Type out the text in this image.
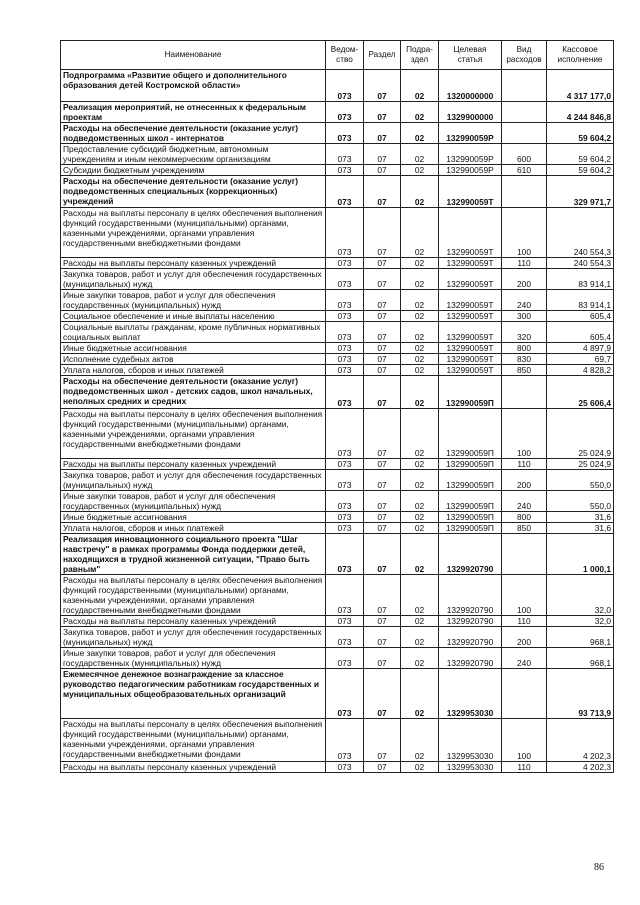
Наименование	Ведом-ство	Раздел	Подра-здел	Целевая статья	Вид расходов	Кассовое исполнение
Подпрограмма «Развитие общего и дополнительного образования детей Костромской области»	073	07	02	1320000000		4 317 177,0
Реализация мероприятий, не отнесенных к федеральным проектам	073	07	02	1329900000		4 244 846,8
Расходы на обеспечение деятельности (оказание услуг) подведомственных школ - интернатов	073	07	02	132990059Р		59 604,2
Предоставление субсидий бюджетным, автономным учреждениям и иным некоммерческим организациям	073	07	02	132990059Р	600	59 604,2
Субсидии бюджетным учреждениям	073	07	02	132990059Р	610	59 604,2
Расходы на обеспечение деятельности (оказание услуг) подведомственных специальных (коррекционных) учреждений	073	07	02	132990059Т		329 971,7
Расходы на выплаты персоналу в целях обеспечения выполнения функций государственными (муниципальными) органами, казенными учреждениями, органами управления государственными внебюджетными фондами	073	07	02	132990059Т	100	240 554,3
Расходы на выплаты персоналу казенных учреждений	073	07	02	132990059Т	110	240 554,3
Закупка товаров, работ и услуг для обеспечения государственных (муниципальных) нужд	073	07	02	132990059Т	200	83 914,1
Иные закупки товаров, работ и услуг для обеспечения государственных (муниципальных) нужд	073	07	02	132990059Т	240	83 914,1
Социальное обеспечение и иные выплаты населению	073	07	02	132990059Т	300	605,4
Социальные выплаты гражданам, кроме публичных нормативных социальных выплат	073	07	02	132990059Т	320	605,4
Иные бюджетные ассигнования	073	07	02	132990059Т	800	4 897,9
Исполнение судебных актов	073	07	02	132990059Т	830	69,7
Уплата налогов, сборов и иных платежей	073	07	02	132990059Т	850	4 828,2
Расходы на обеспечение деятельности (оказание услуг) подведомственных школ - детских садов, школ начальных, неполных средних и средних	073	07	02	132990059П		25 606,4
Расходы на выплаты персоналу в целях обеспечения выполнения функций государственными (муниципальными) органами, казенными учреждениями, органами управления государственными внебюджетными фондами	073	07	02	132990059П	100	25 024,9
Расходы на выплаты персоналу казенных учреждений	073	07	02	132990059П	110	25 024,9
Закупка товаров, работ и услуг для обеспечения государственных (муниципальных) нужд	073	07	02	132990059П	200	550,0
Иные закупки товаров, работ и услуг для обеспечения государственных (муниципальных) нужд	073	07	02	132990059П	240	550,0
Иные бюджетные ассигнования	073	07	02	132990059П	800	31,6
Уплата налогов, сборов и иных платежей	073	07	02	132990059П	850	31,6
Реализация инновационного социального проекта "Шаг навстречу" в рамках программы Фонда поддержки детей, находящихся в трудной жизненной ситуации, "Право быть равным"	073	07	02	1329920790		1 000,1
Расходы на выплаты персоналу в целях обеспечения выполнения функций государственными (муниципальными) органами, казенными учреждениями, органами управления государственными внебюджетными фондами	073	07	02	1329920790	100	32,0
Расходы на выплаты персоналу казенных учреждений	073	07	02	1329920790	110	32,0
Закупка товаров, работ и услуг для обеспечения государственных (муниципальных) нужд	073	07	02	1329920790	200	968,1
Иные закупки товаров, работ и услуг для обеспечения государственных (муниципальных) нужд	073	07	02	1329920790	240	968,1
Ежемесячное денежное вознаграждение за классное руководство педагогическим работникам государственных и муниципальных общеобразовательных организаций	073	07	02	1329953030		93 713,9
Расходы на выплаты персоналу в целях обеспечения выполнения функций государственными (муниципальными) органами, казенными учреждениями, органами управления государственными внебюджетными фондами	073	07	02	1329953030	100	4 202,3
Расходы на выплаты персоналу казенных учреждений	073	07	02	1329953030	110	4 202,3
86
